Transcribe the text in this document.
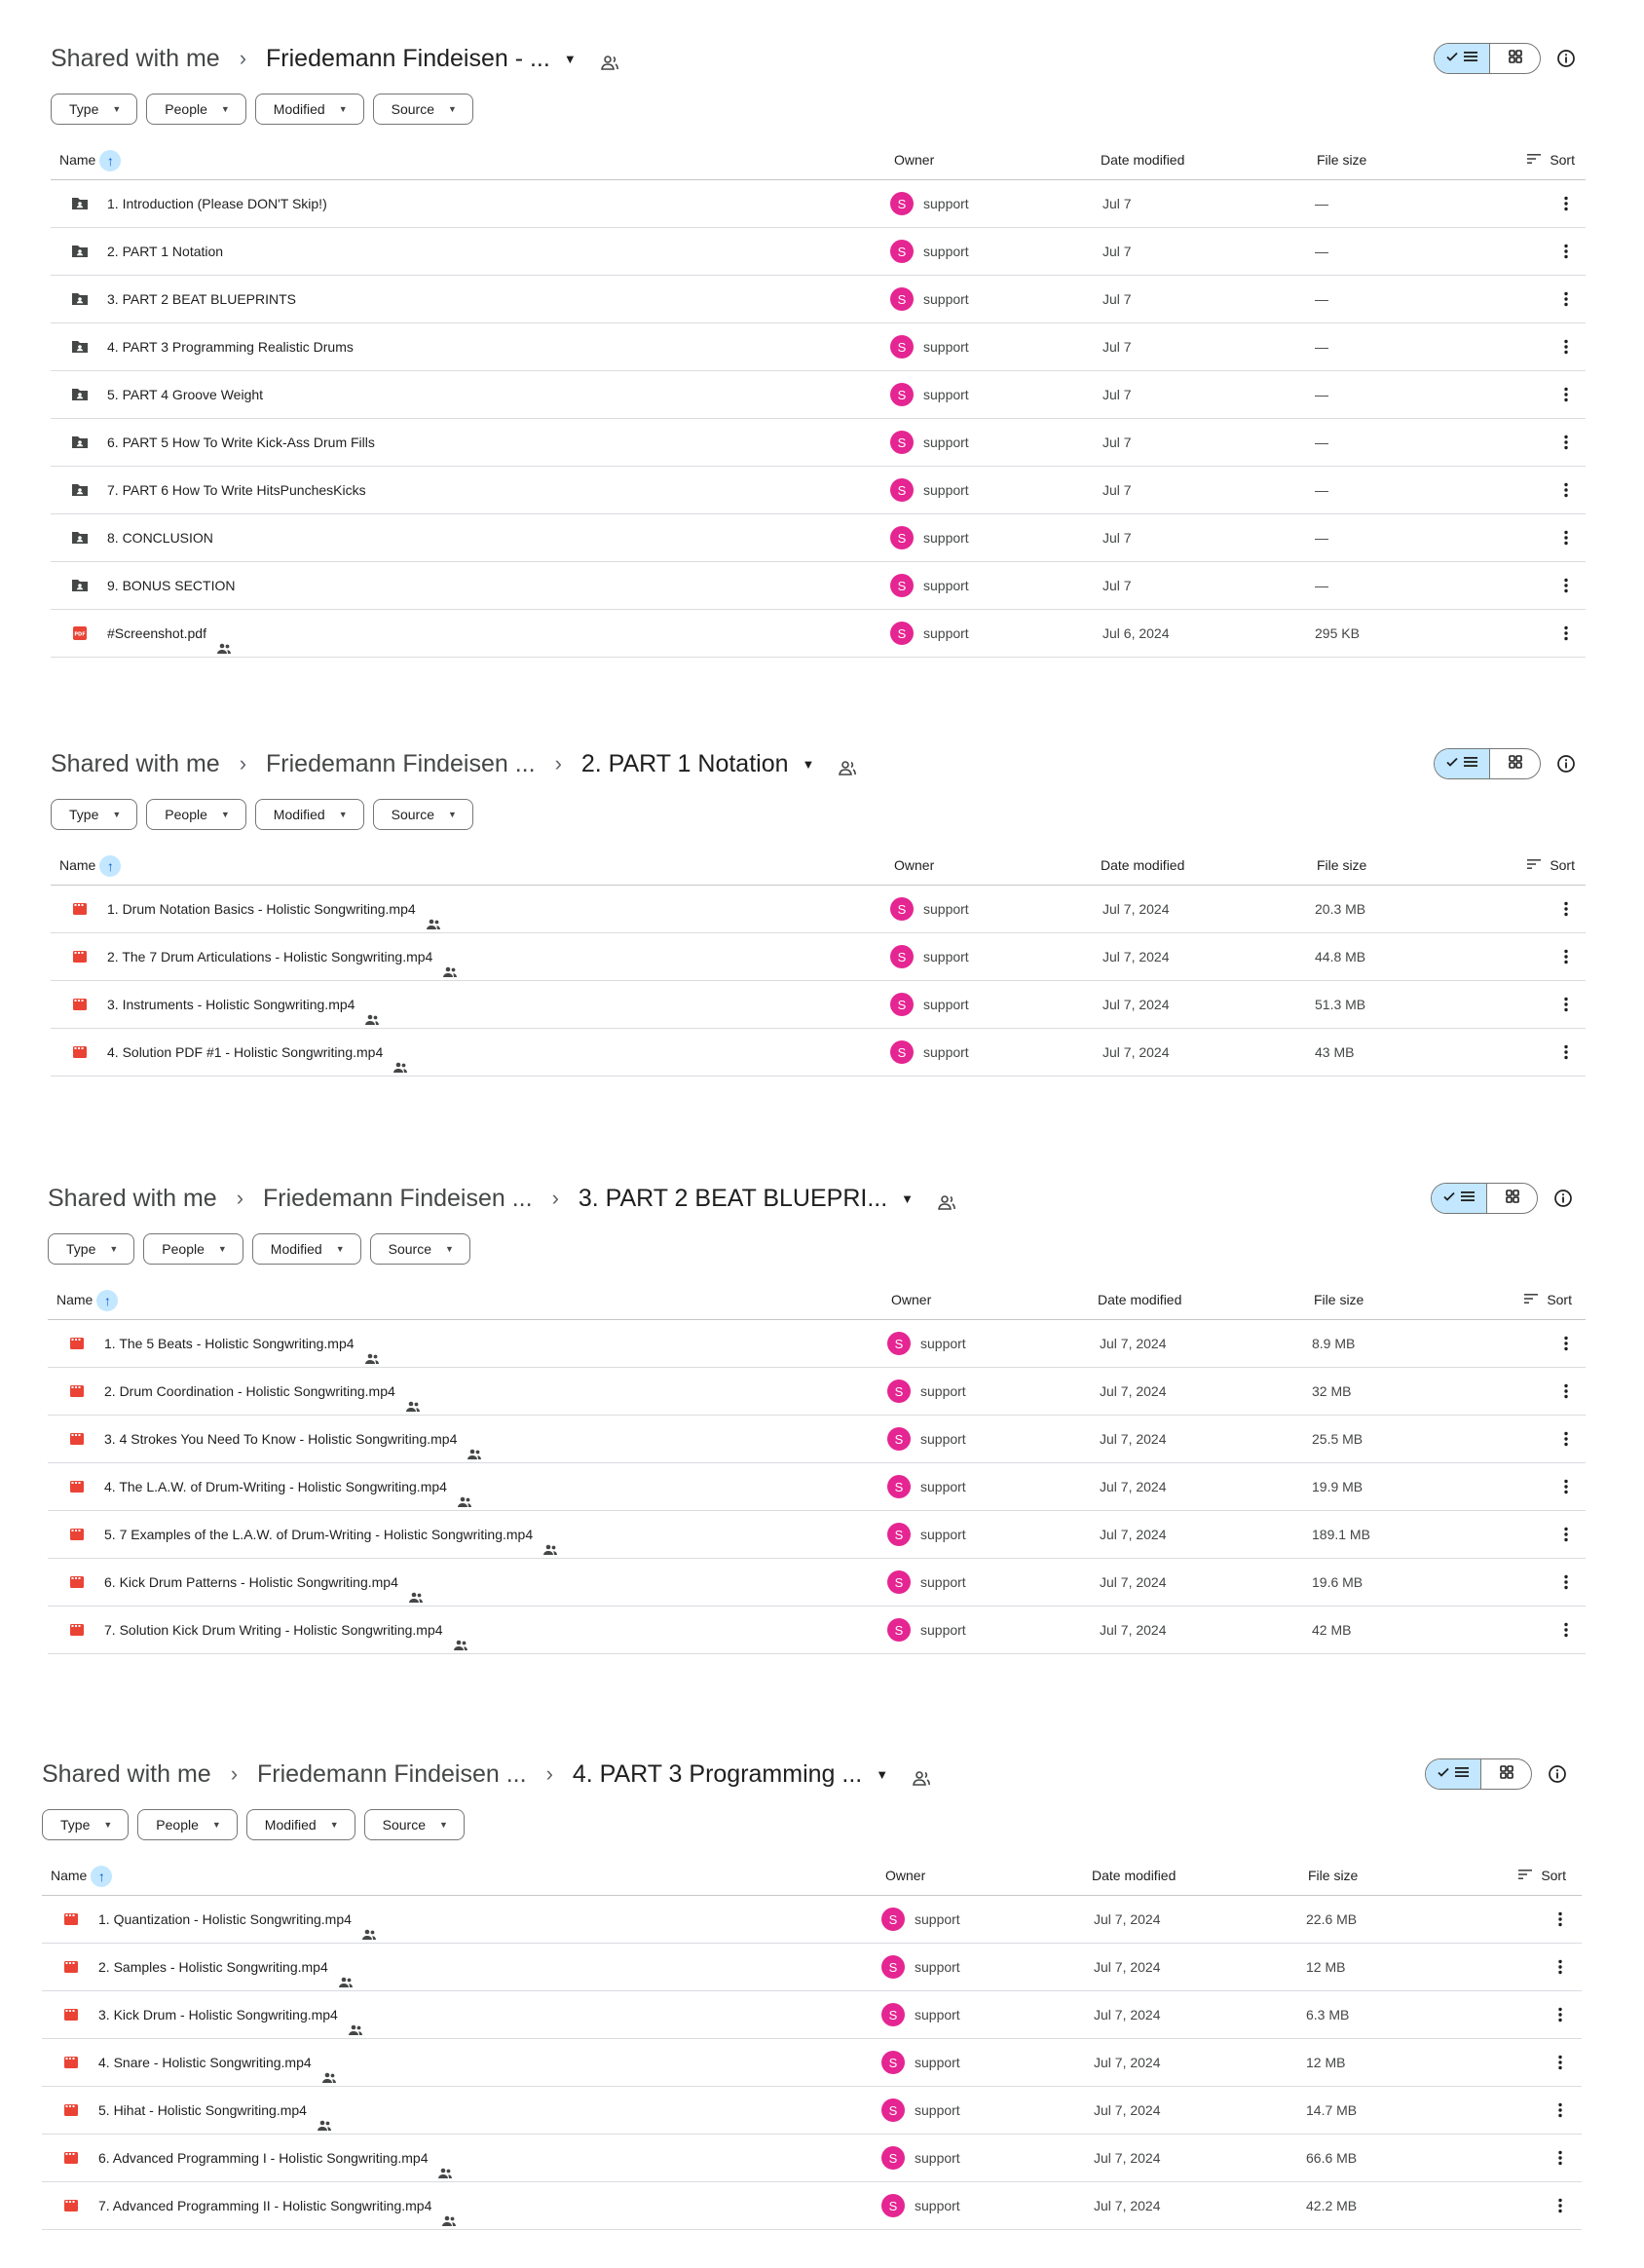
Shared with me › Friedemann Findeisen - ... ▼
Type ▼	People ▼	Modified ▼	Source ▼
Name ↑	Owner	Date modified	File size	Sort
1. Introduction (Please DON'T Skip!)	S	support	Jul 7	—
2. PART 1 Notation	S	support	Jul 7	—
3. PART 2 BEAT BLUEPRINTS	S	support	Jul 7	—
4. PART 3 Programming Realistic Drums	S	support	Jul 7	—
5. PART 4 Groove Weight	S	support	Jul 7	—
6. PART 5 How To Write Kick-Ass Drum Fills	S	support	Jul 7	—
7. PART 6 How To Write HitsPunchesKicks	S	support	Jul 7	—
8. CONCLUSION	S	support	Jul 7	—
9. BONUS SECTION	S	support	Jul 7	—
PDF #Screenshot.pdf	S	support	Jul 6, 2024	295 KB
Shared with me › Friedemann Findeisen ... › 2. PART 1 Notation ▼
Type ▼	People ▼	Modified ▼	Source ▼
Name ↑	Owner	Date modified	File size	Sort
1. Drum Notation Basics - Holistic Songwriting.mp4	S	support	Jul 7, 2024	20.3 MB
2. The 7 Drum Articulations - Holistic Songwriting.mp4	S	support	Jul 7, 2024	44.8 MB
3. Instruments - Holistic Songwriting.mp4	S	support	Jul 7, 2024	51.3 MB
4. Solution PDF #1 - Holistic Songwriting.mp4	S	support	Jul 7, 2024	43 MB
Shared with me › Friedemann Findeisen ... › 3. PART 2 BEAT BLUEPRI... ▼
Type ▼	People ▼	Modified ▼	Source ▼
Name ↑	Owner	Date modified	File size	Sort
1. The 5 Beats - Holistic Songwriting.mp4	S	support	Jul 7, 2024	8.9 MB
2. Drum Coordination - Holistic Songwriting.mp4	S	support	Jul 7, 2024	32 MB
3. 4 Strokes You Need To Know - Holistic Songwriting.mp4	S	support	Jul 7, 2024	25.5 MB
4. The L.A.W. of Drum-Writing - Holistic Songwriting.mp4	S	support	Jul 7, 2024	19.9 MB
5. 7 Examples of the L.A.W. of Drum-Writing - Holistic Songwriting.mp4	S	support	Jul 7, 2024	189.1 MB
6. Kick Drum Patterns - Holistic Songwriting.mp4	S	support	Jul 7, 2024	19.6 MB
7. Solution Kick Drum Writing - Holistic Songwriting.mp4	S	support	Jul 7, 2024	42 MB
Shared with me › Friedemann Findeisen ... › 4. PART 3 Programming ... ▼
Type ▼	People ▼	Modified ▼	Source ▼
Name ↑	Owner	Date modified	File size	Sort
1. Quantization - Holistic Songwriting.mp4	S	support	Jul 7, 2024	22.6 MB
2. Samples - Holistic Songwriting.mp4	S	support	Jul 7, 2024	12 MB
3. Kick Drum - Holistic Songwriting.mp4	S	support	Jul 7, 2024	6.3 MB
4. Snare - Holistic Songwriting.mp4	S	support	Jul 7, 2024	12 MB
5. Hihat - Holistic Songwriting.mp4	S	support	Jul 7, 2024	14.7 MB
6. Advanced Programming I - Holistic Songwriting.mp4	S	support	Jul 7, 2024	66.6 MB
7. Advanced Programming II - Holistic Songwriting.mp4	S	support	Jul 7, 2024	42.2 MB
